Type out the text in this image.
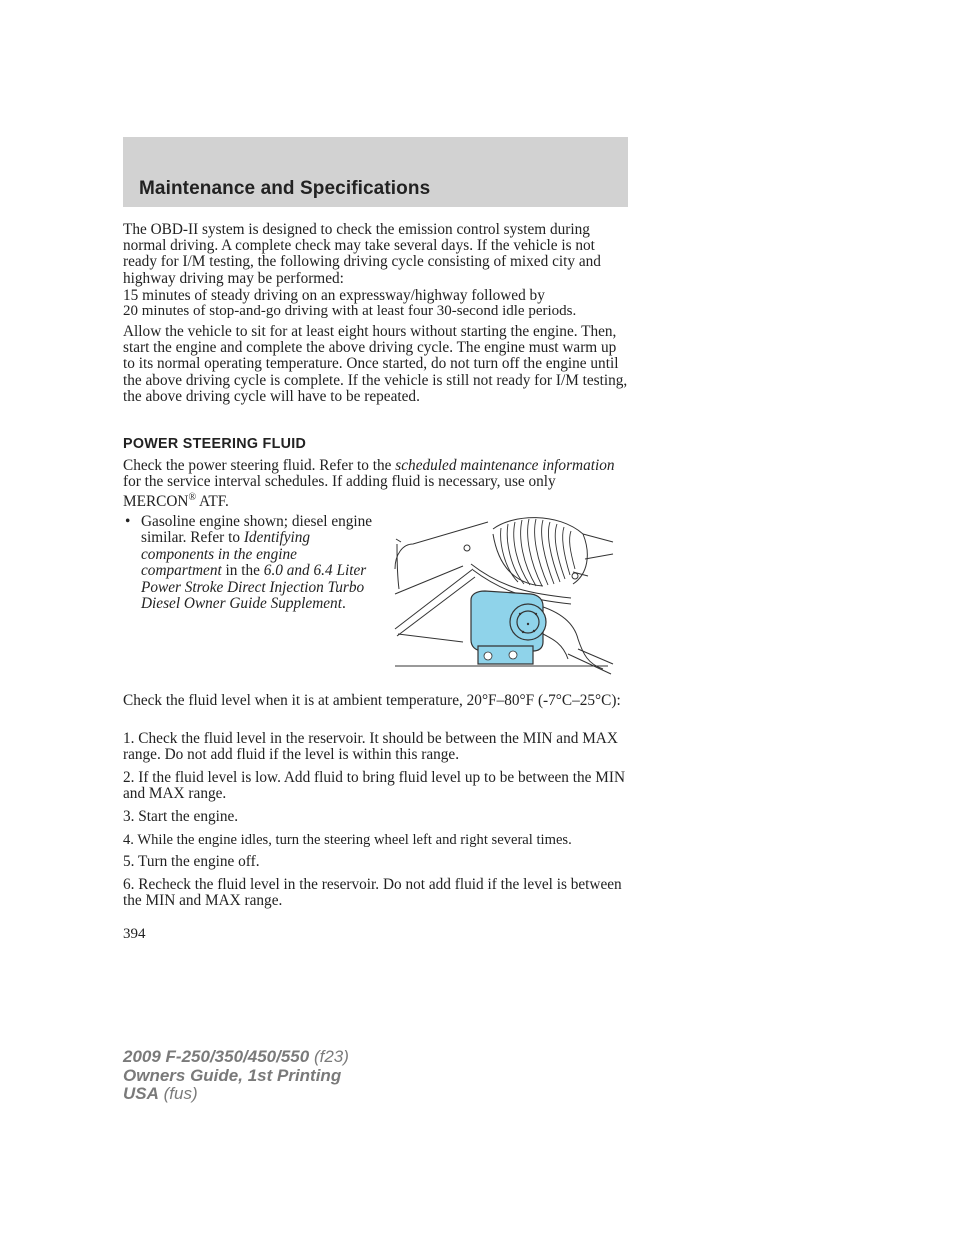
Maintenance and Specifications
The OBD-II system is designed to check the emission control system during normal driving. A complete check may take several days. If the vehicle is not ready for I/M testing, the following driving cycle consisting of mixed city and highway driving may be performed:
15 minutes of steady driving on an expressway/highway followed by
20 minutes of stop-and-go driving with at least four 30-second idle periods.
Allow the vehicle to sit for at least eight hours without starting the engine. Then, start the engine and complete the above driving cycle. The engine must warm up to its normal operating temperature. Once started, do not turn off the engine until the above driving cycle is complete. If the vehicle is still not ready for I/M testing, the above driving cycle will have to be repeated.
POWER STEERING FLUID
Check the power steering fluid. Refer to the scheduled maintenance information for the service interval schedules. If adding fluid is necessary, use only MERCON® ATF.
• Gasoline engine shown; diesel engine similar. Refer to Identifying components in the engine compartment in the 6.0 and 6.4 Liter Power Stroke Direct Injection Turbo Diesel Owner Guide Supplement.
Check the fluid level when it is at ambient temperature, 20°F–80°F (-7°C–25°C):
1. Check the fluid level in the reservoir. It should be between the MIN and MAX range. Do not add fluid if the level is within this range.
2. If the fluid level is low. Add fluid to bring fluid level up to be between the MIN and MAX range.
3. Start the engine.
4. While the engine idles, turn the steering wheel left and right several times.
5. Turn the engine off.
6. Recheck the fluid level in the reservoir. Do not add fluid if the level is between the MIN and MAX range.
394
2009 F-250/350/450/550 (f23)
Owners Guide, 1st Printing
USA (fus)
